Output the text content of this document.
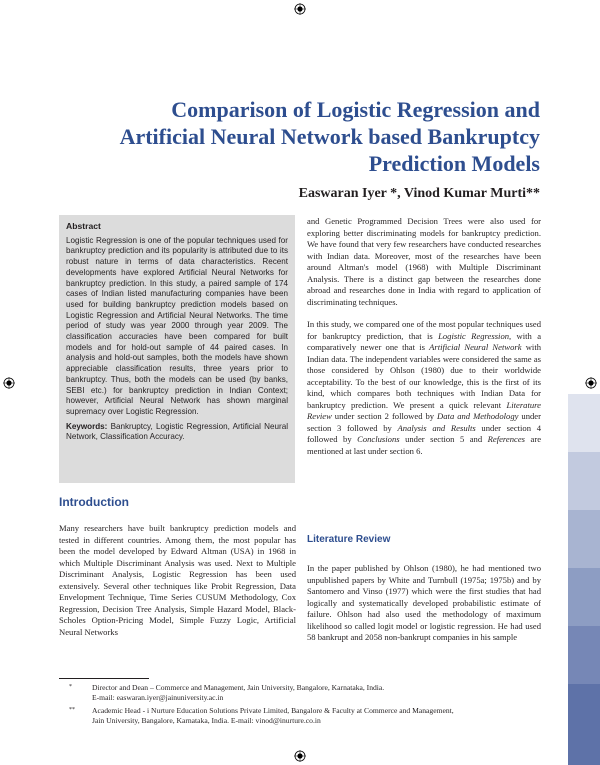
Comparison of Logistic Regression and
Artificial Neural Network based Bankruptcy
Prediction Models
Easwaran Iyer *, Vinod Kumar Murti**
Abstract

Logistic Regression is one of the popular techniques used for bankruptcy prediction and its popularity is attributed due to its robust nature in terms of data characteristics. Recent developments have explored Artificial Neural Networks for bankruptcy prediction. In this study, a paired sample of 174 cases of Indian listed manufacturing companies have been used for building bankruptcy prediction models based on Logistic Regression and Artificial Neural Networks. The time period of study was year 2000 through year 2009. The classification accuracies have been compared for built models and for hold-out sample of 44 paired cases. In analysis and hold-out samples, both the models have shown appreciable classification results, three years prior to bankruptcy. Thus, both the models can be used (by banks, SEBI etc.) for bankruptcy prediction in Indian Context; however, Artificial Neural Network has shown marginal supremacy over Logistic Regression.

Keywords: Bankruptcy, Logistic Regression, Artificial Neural Network, Classification Accuracy.

Introduction

Many researchers have built bankruptcy prediction models and tested in different countries. Among them, the most popular has been the model developed by Edward Altman (USA) in 1968 in which Multiple Discriminant Analysis was used. Next to Multiple Discriminant Analysis, Logistic Regression has been used extensively. Several other techniques like Probit Regression, Data Envelopment Technique, Time Series CUSUM Methodology, Cox Regression, Decision Tree Analysis, Simple Hazard Model, Black-Scholes Option-Pricing Model, Simple Fuzzy Logic, Artificial Neural Networks

and Genetic Programmed Decision Trees were also used for exploring better discriminating models for bankruptcy prediction. We have found that very few researchers have conducted researches with Indian data. Moreover, most of the researches have been around Altman's model (1968) with Multiple Discriminant Analysis. There is a distinct gap between the researches done abroad and researches done in India with regard to application of discriminating techniques.

In this study, we compared one of the most popular techniques used for bankruptcy prediction, that is Logistic Regression, with a comparatively newer one that is Artificial Neural Network with Indian data. The independent variables were considered the same as those considered by Ohlson (1980) due to their worldwide acceptability. To the best of our knowledge, this is the first of its kind, which compares both techniques with Indian Data for bankruptcy prediction. We present a quick relevant Literature Review under section 2 followed by Data and Methodology under section 3 followed by Analysis and Results under section 4 followed by Conclusions under section 5 and References are mentioned at last under section 6.

Literature Review

In the paper published by Ohlson (1980), he had mentioned two unpublished papers by White and Turnbull (1975a; 1975b) and by Santomero and Vinso (1977) which were the first studies that had logically and systematically developed probabilistic estimate of failure. Ohlson had also used the methodology of maximum likelihood so called logit model or logistic regression. He had used 58 bankrupt and 2058 non-bankrupt companies in his sample

*	Director and Dean – Commerce and Management, Jain University, Bangalore, Karnataka, India.
E-mail: easwaran.iyer@jainuniversity.ac.in
** Academic Head - i Nurture Education Solutions Private Limited, Bangalore & Faculty at Commerce and Management,
Jain University, Bangalore, Karnataka, India. E-mail: vinod@inurture.co.in
